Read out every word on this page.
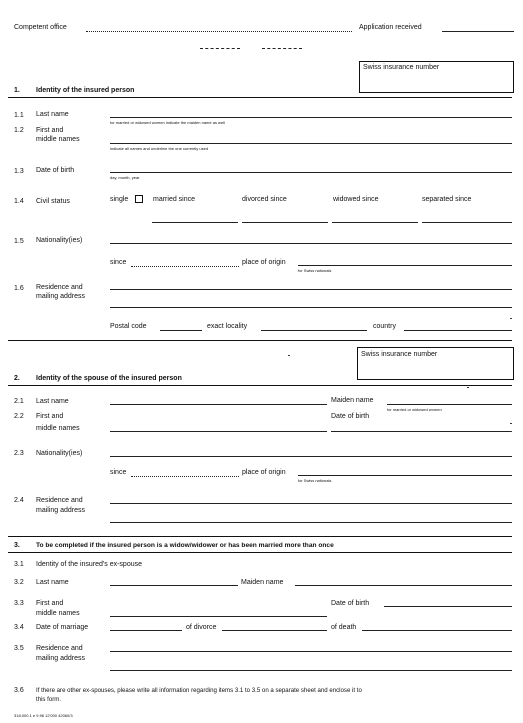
Competent office	Application received
Swiss insurance number
1. Identity of the insured person
1.1 Last name
for married or widowed women indicate the maiden name as well
1.2 First and
middle names
indicate all names and underline the one currently used
1.3 Date of birth
day, month, year
1.4 Civil status	single	married since	divorced since	widowed since	separated since
1.5 Nationality(ies)
since	place of origin
for Swiss nationals
1.6 Residence and
mailing address
Postal code	exact locality	country
Swiss insurance number
2. Identity of the spouse of the insured person
2.1 Last name	Maiden name
for married or widowed women
2.2 First and
middle names
Date of birth
2.3 Nationality(ies)
since	place of origin
for Swiss nationals
2.4 Residence and
mailing address
3. To be completed if the insured person is a widow/widower or has been married more than once
3.1 Identity of the insured's ex-spouse
3.2 Last name	Maiden name
3.3 First and
middle names
Date of birth
3.4 Date of marriage	of divorce	of death
3.5 Residence and
mailing address
3.6 If there are other ex-spouses, please write all information regarding items 3.1 to 3.5 on a separate sheet and enclose it to
this form.
318.000.1 e 9.96 12'000 42060/3
